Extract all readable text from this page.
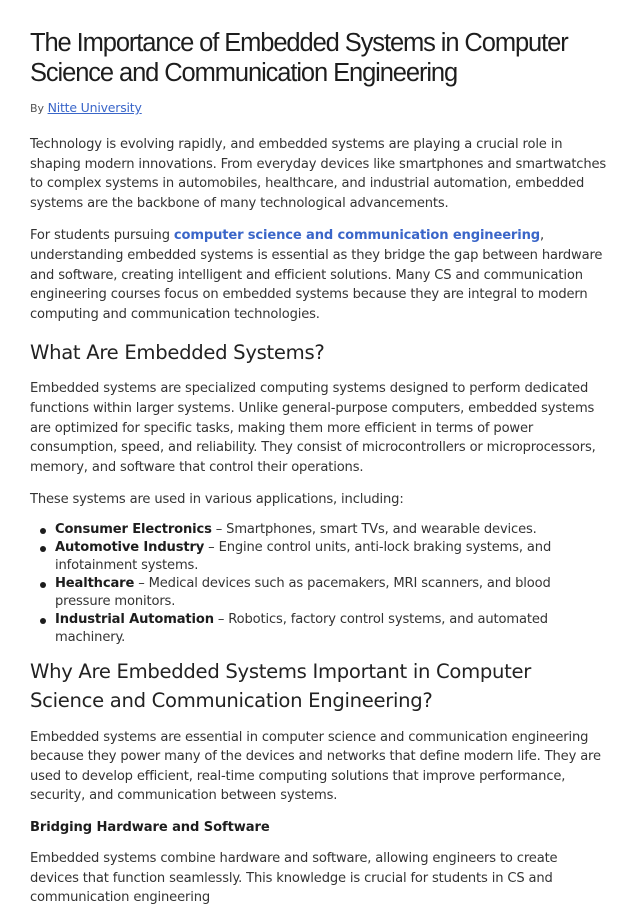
The Importance of Embedded Systems in Computer Science and Communication Engineering
By Nitte University

Technology is evolving rapidly, and embedded systems are playing a crucial role in shaping modern innovations. From everyday devices like smartphones and smartwatches to complex systems in automobiles, healthcare, and industrial automation, embedded systems are the backbone of many technological advancements.

For students pursuing computer science and communication engineering, understanding embedded systems is essential as they bridge the gap between hardware and software, creating intelligent and efficient solutions. Many CS and communication engineering courses focus on embedded systems because they are integral to modern computing and communication technologies.

What Are Embedded Systems?

Embedded systems are specialized computing systems designed to perform dedicated functions within larger systems. Unlike general-purpose computers, embedded systems are optimized for specific tasks, making them more efficient in terms of power consumption, speed, and reliability. They consist of microcontrollers or microprocessors, memory, and software that control their operations.

These systems are used in various applications, including:

Consumer Electronics – Smartphones, smart TVs, and wearable devices.
Automotive Industry – Engine control units, anti-lock braking systems, and infotainment systems.
Healthcare – Medical devices such as pacemakers, MRI scanners, and blood pressure monitors.
Industrial Automation – Robotics, factory control systems, and automated machinery.
Why Are Embedded Systems Important in Computer Science and Communication Engineering?

Embedded systems are essential in computer science and communication engineering because they power many of the devices and networks that define modern life. They are used to develop efficient, real-time computing solutions that improve performance, security, and communication between systems.

Bridging Hardware and Software

Embedded systems combine hardware and software, allowing engineers to create devices that function seamlessly. This knowledge is crucial for students in CS and communication engineering
